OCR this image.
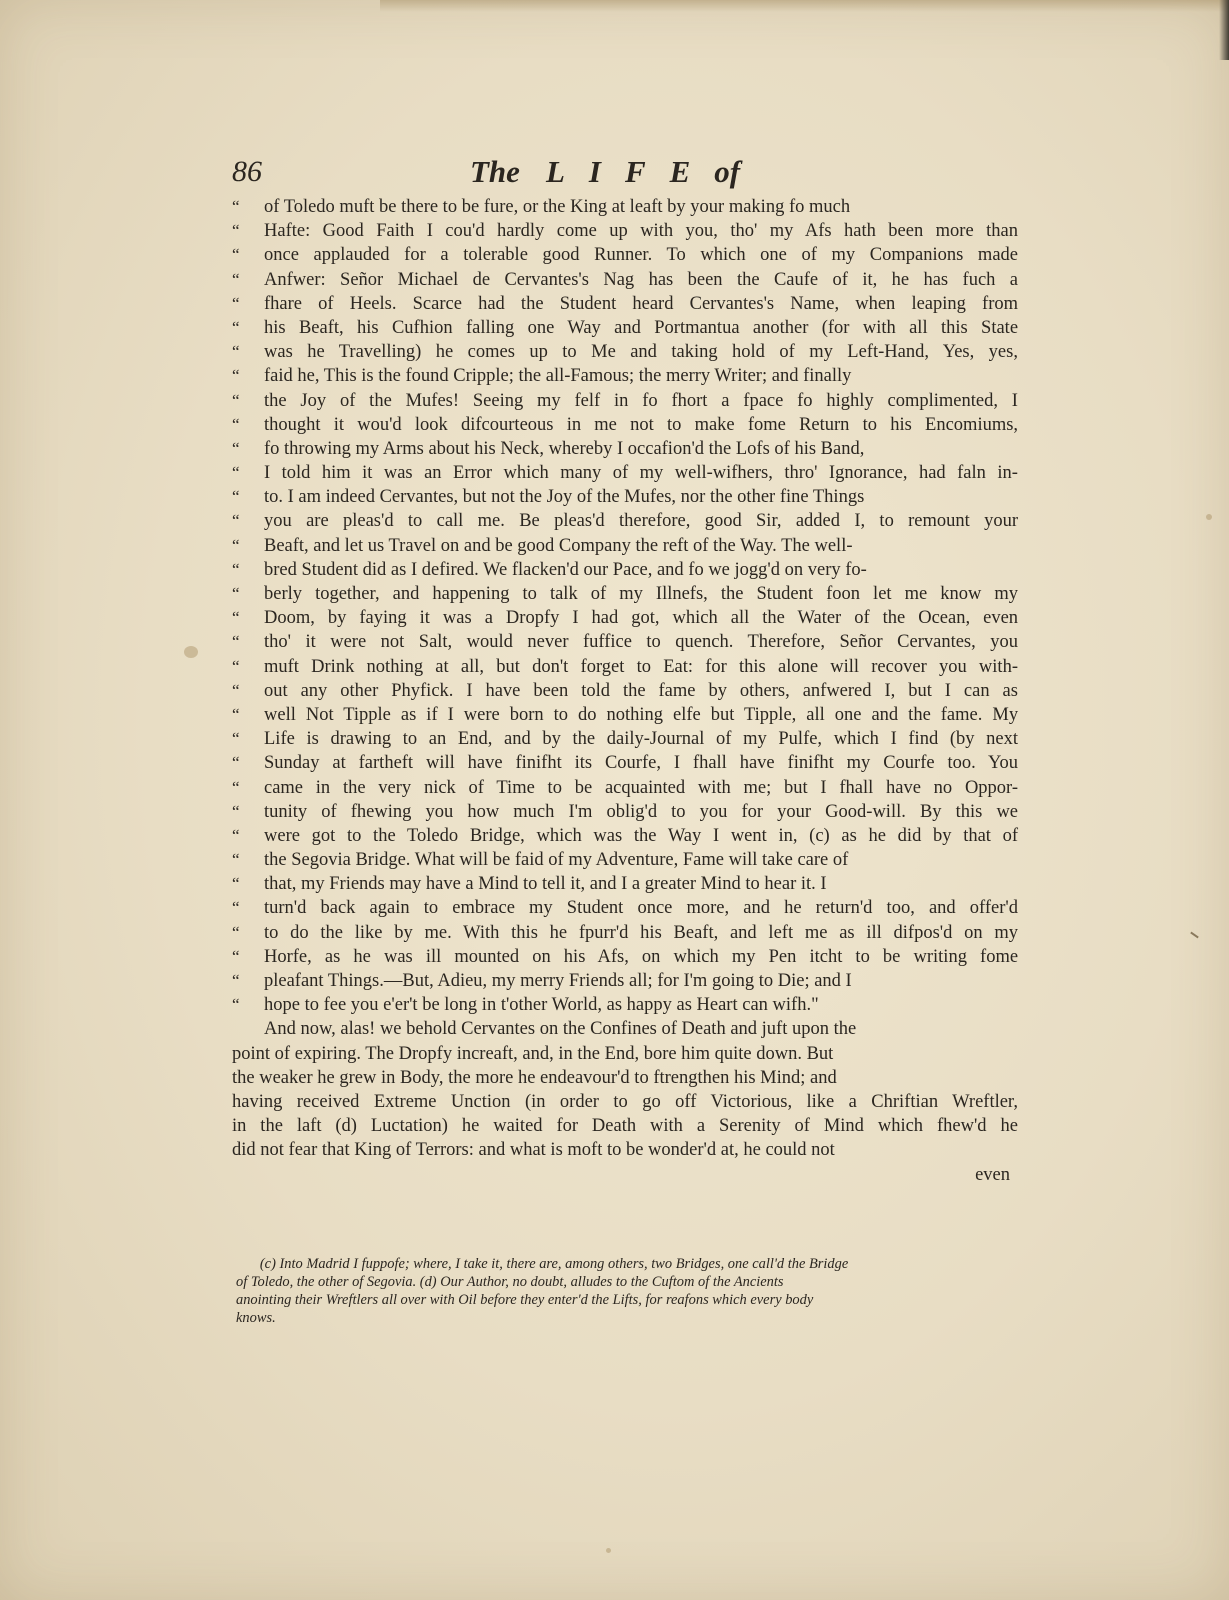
86	The LIFEof
“ of Toledo muft be there to be fure, or the King at leaft by your making fo much
“ Hafte: Good Faith I cou'd hardly come up with you, tho' my Afs hath been more than
“ once applauded for a tolerable good Runner. To which one of my Companions made
“ Anfwer: Señor Michael de Cervantes's Nag has been the Caufe of it, he has fuch a
“ fhare of Heels. Scarce had the Student heard Cervantes's Name, when leaping from
“ his Beaft, his Cufhion falling one Way and Portmantua another (for with all this State
“ was he Travelling) he comes up to Me and taking hold of my Left-Hand, Yes, yes,
“ faid he, This is the found Cripple; the all-Famous; the merry Writer; and finally
“ the Joy of the Mufes! Seeing my felf in fo fhort a fpace fo highly complimented, I
“ thought it wou'd look difcourteous in me not to make fome Return to his Encomiums,
“ fo throwing my Arms about his Neck, whereby I occafion'd the Lofs of his Band,
“ I told him it was an Error which many of my well-wifhers, thro' Ignorance, had faln in-
“ to. I am indeed Cervantes, but not the Joy of the Mufes, nor the other fine Things
“ you are pleas'd to call me. Be pleas'd therefore, good Sir, added I, to remount your
“ Beaft, and let us Travel on and be good Company the reft of the Way. The well-
“ bred Student did as I defired. We flacken'd our Pace, and fo we jogg'd on very fo-
“ berly together, and happening to talk of my Illnefs, the Student foon let me know my
“ Doom, by faying it was a Dropfy I had got, which all the Water of the Ocean, even
“ tho' it were not Salt, would never fuffice to quench. Therefore, Señor Cervantes, you
“ muft Drink nothing at all, but don't forget to Eat: for this alone will recover you with-
“ out any other Phyfick. I have been told the fame by others, anfwered I, but I can as
“ well Not Tipple as if I were born to do nothing elfe but Tipple, all one and the fame. My
“ Life is drawing to an End, and by the daily-Journal of my Pulfe, which I find (by next
“ Sunday at fartheft will have finifht its Courfe, I fhall have finifht my Courfe too. You
“ came in the very nick of Time to be acquainted with me; but I fhall have no Oppor-
“ tunity of fhewing you how much I'm oblig'd to you for your Good-will. By this we
“ were got to the Toledo Bridge, which was the Way I went in, (c) as he did by that of
“ the Segovia Bridge. What will be faid of my Adventure, Fame will take care of
“ that, my Friends may have a Mind to tell it, and I a greater Mind to hear it. I
“ turn'd back again to embrace my Student once more, and he return'd too, and offer'd
“ to do the like by me. With this he fpurr'd his Beaft, and left me as ill difpos'd on my
“ Horfe, as he was ill mounted on his Afs, on which my Pen itcht to be writing fome
“ pleafant Things.—But, Adieu, my merry Friends all; for I'm going to Die; and I
“ hope to fee you e'er't be long in t'other World, as happy as Heart can wifh."
And now, alas! we behold Cervantes on the Confines of Death and juft upon the
point of expiring. The Dropfy increaft, and, in the End, bore him quite down. But
the weaker he grew in Body, the more he endeavour'd to ftrengthen his Mind; and
having received Extreme Unction (in order to go off Victorious, like a Chriftian Wreftler,
in the laft (d) Luctation) he waited for Death with a Serenity of Mind which fhew'd he
did not fear that King of Terrors: and what is moft to be wonder'd at, he could not
even
(c) Into Madrid I fuppofe; where, I take it, there are, among others, two Bridges, one call'd the Bridge
of Toledo, the other of Segovia. (d) Our Author, no doubt, alludes to the Cuftom of the Ancients
anointing their Wreftlers all over with Oil before they enter'd the Lifts, for reafons which every body
knows.
